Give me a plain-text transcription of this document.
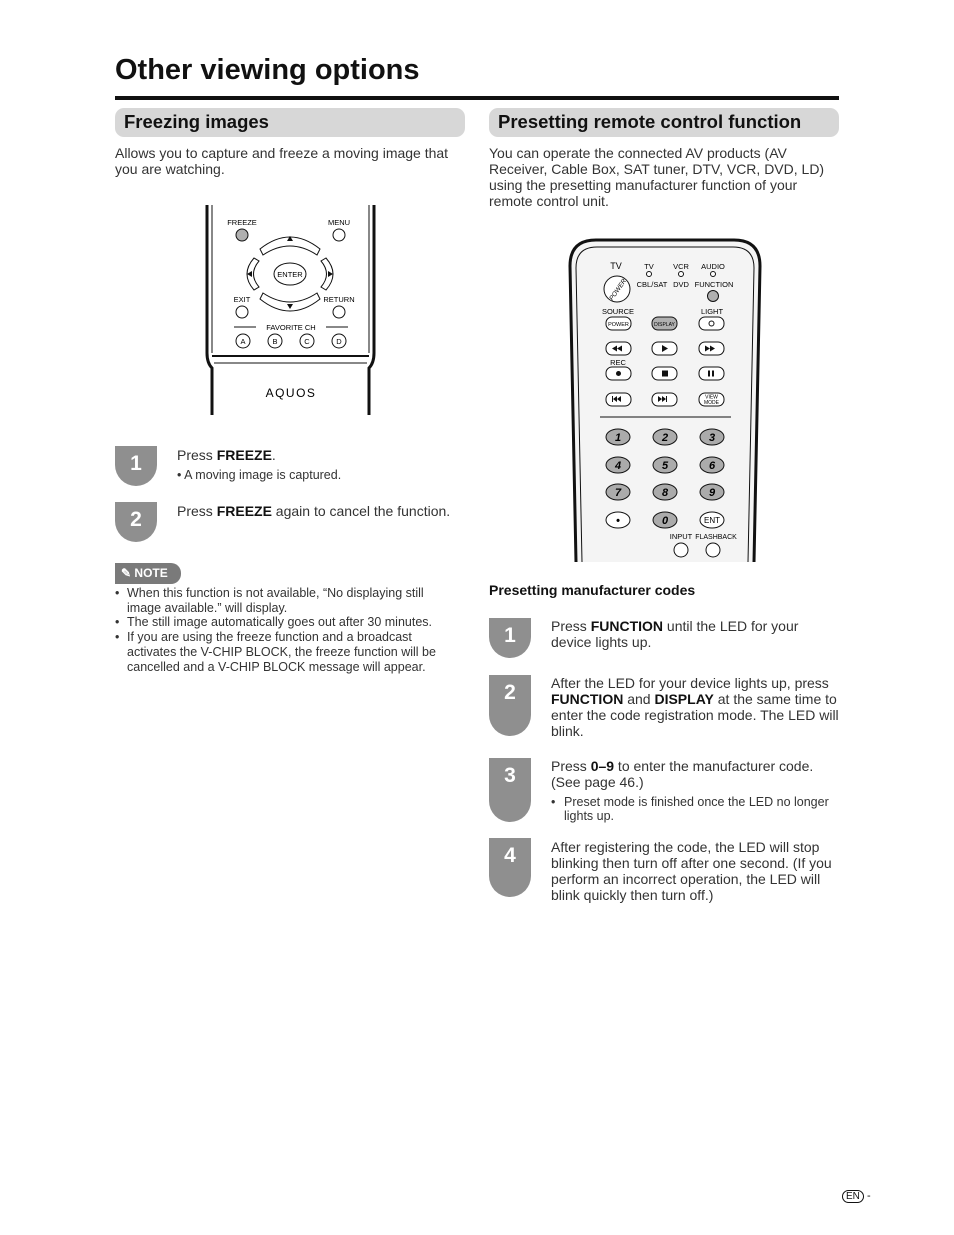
Other viewing options
Freezing images
Allows you to capture and freeze a moving image that you are watching.
FREEZE	MENU
ENTER
EXIT	RETURN
FAVORITE CH
A	B	C	D
AQUOS
1	Press FREEZE.
• A moving image is captured.
2	Press FREEZE again to cancel the function.
✎ NOTE
• When this function is not available, “No displaying still image available.” will display.
• The still image automatically goes out after 30 minutes.
• If you are using the freeze function and a broadcast activates the V-CHIP BLOCK, the freeze function will be cancelled and a V-CHIP BLOCK message will appear.
Presetting remote control function
You can operate the connected AV products (AV Receiver, Cable Box, SAT tuner, DTV, VCR, DVD, LD) using the presetting manufacturer function of your remote control unit.
TV
POWER
TV	VCR AUDIO
CBL/SAT DVD FUNCTION
SOURCE
POWER	DISPLAY
LIGHT
REC
VIEW
MODE
1	2	3
4	5	6
7	8	9
•	0	ENT
INPUT FLASHBACK
Presetting manufacturer codes
1	Press FUNCTION until the LED for your device lights up.
2	After the LED for your device lights up, press FUNCTION and DISPLAY at the same time to enter the code registration mode. The LED will blink.
3	Press 0–9 to enter the manufacturer code. (See page 46.)
• Preset mode is finished once the LED no longer lights up.
4	After registering the code, the LED will stop blinking then turn off after one second. (If you perform an incorrect operation, the LED will blink quickly then turn off.)
EN -
